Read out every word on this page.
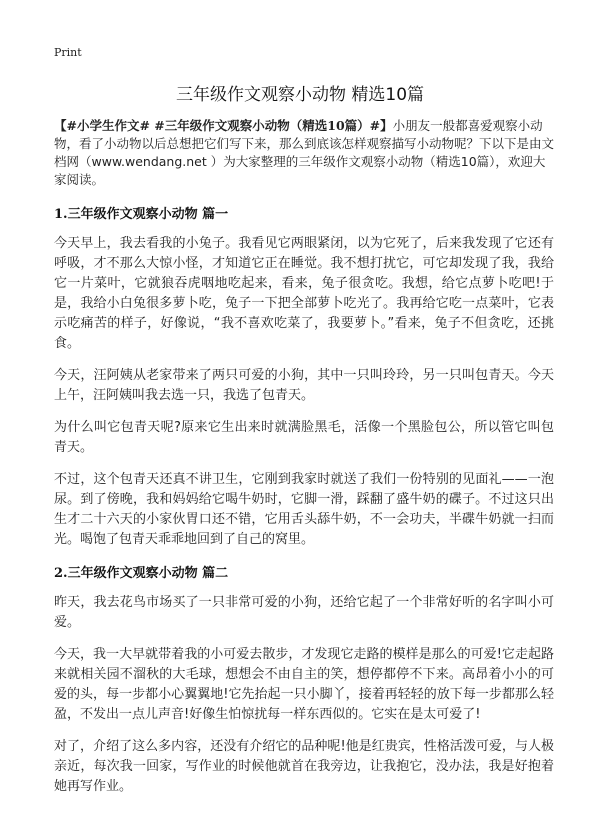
Print
三年级作文观察小动物 精选10篇

【#小学生作文# #三年级作文观察小动物（精选10篇）#】小朋友一般都喜爱观察小动物，看了小动物以后总想把它们写下来，那么到底该怎样观察描写小动物呢？下以下是由文档网（www.wendang.net ）为大家整理的三年级作文观察小动物（精选10篇），欢迎大家阅读。

1.三年级作文观察小动物 篇一

今天早上，我去看我的小兔子。我看见它两眼紧闭，以为它死了，后来我发现了它还有呼吸，才不那么大惊小怪，才知道它正在睡觉。我不想打扰它，可它却发现了我，我给它一片菜叶，它就狼吞虎咽地吃起来，看来，兔子很贪吃。我想，给它点萝卜吃吧!于是，我给小白兔很多萝卜吃，兔子一下把全部萝卜吃光了。我再给它吃一点菜叶，它表示吃痛苦的样子，好像说，“我不喜欢吃菜了，我要萝卜。”看来，兔子不但贪吃，还挑食。

今天，汪阿姨从老家带来了两只可爱的小狗，其中一只叫玲玲，另一只叫包青天。今天上午，汪阿姨叫我去选一只，我选了包青天。

为什么叫它包青天呢?原来它生出来时就满脸黑毛，活像一个黑脸包公，所以管它叫包青天。

不过，这个包青天还真不讲卫生，它刚到我家时就送了我们一份特别的见面礼——一泡尿。到了傍晚，我和妈妈给它喝牛奶时，它脚一滑，踩翻了盛牛奶的碟子。不过这只出生才二十六天的小家伙胃口还不错，它用舌头舔牛奶，不一会功夫，半碟牛奶就一扫而光。喝饱了包青天乖乖地回到了自己的窝里。

2.三年级作文观察小动物 篇二

昨天，我去花鸟市场买了一只非常可爱的小狗，还给它起了一个非常好听的名字叫小可爱。

今天，我一大早就带着我的小可爱去散步，才发现它走路的模样是那么的可爱!它走起路来就相关园不溜秋的大毛球，想想会不由自主的笑，想停都停不下来。高昂着小小的可爱的头，每一步都小心翼翼地!它先抬起一只小脚丫，接着再轻轻的放下每一步都那么轻盈，不发出一点儿声音!好像生怕惊扰每一样东西似的。它实在是太可爱了!

对了，介绍了这么多内容，还没有介绍它的品种呢!他是红贵宾，性格活泼可爱，与人极亲近，每次我一回家，写作业的时候他就首在我旁边，让我抱它，没办法，我是好抱着她再写作业。
